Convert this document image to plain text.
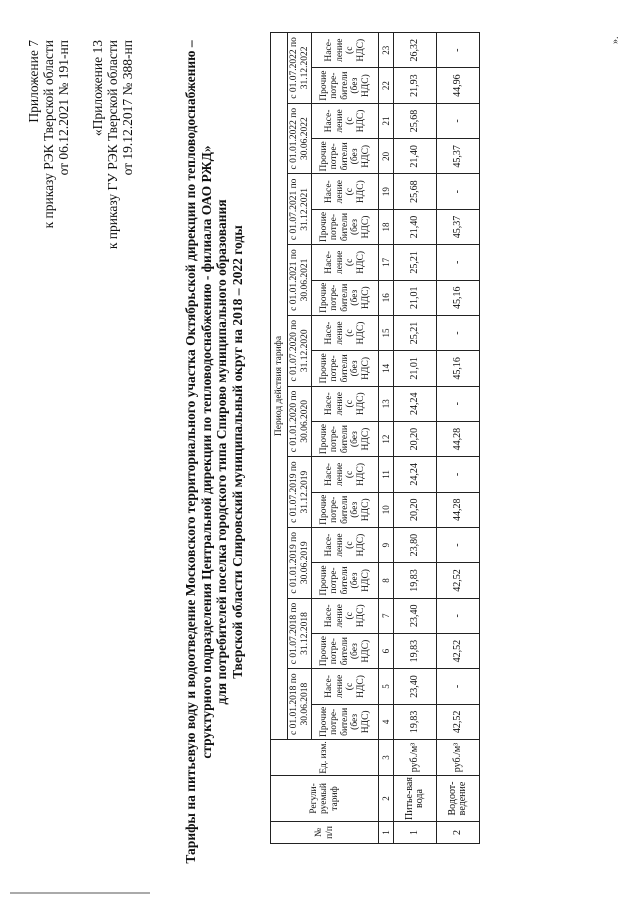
Приложение 7 к приказу РЭК Тверской области от 06.12.2021 № 191-нп «Приложение 13 к приказу ГУ РЭК Тверской области от 19.12.2017 № 388-нп	Тарифы на питьевую воду и водоотведение Московского территориального участка Октябрьской дирекции по тепловодоснабжению – структурного подразделения Центральной дирекции по тепловодоснабжению - филиала ОАО РЖД» для потребителей поселка городского типа Спирово муниципального образования Тверской области Спировский муниципальный округ на 2018 – 2022 годы
№ п/п	Регули-руемый тариф	Ед. изм.	Период действия тарифа																			
			с 01.01.2018 по 30.06.2018		с 01.07.2018 по 31.12.2018		с 01.01.2019 по 30.06.2019		с 01.07.2019 по 31.12.2019		с 01.01.2020 по 30.06.2020		с 01.07.2020 по 31.12.2020		с 01.01.2021 по 30.06.2021		с 01.07.2021 по 31.12.2021		с 01.01.2022 по 30.06.2022		с 01.07.2022 по 31.12.2022	
			Прочие потре-бители (без НДС)	Насе-ление (с НДС)	Прочие потре-бители (без НДС)	Насе-ление (с НДС)	Прочие потре-бители (без НДС)	Насе-ление (с НДС)	Прочие потре-бители (без НДС)	Насе-ление (с НДС)	Прочие потре-бители (без НДС)	Насе-ление (с НДС)	Прочие потре-бители (без НДС)	Насе-ление (с НДС)	Прочие потре-бители (без НДС)	Насе-ление (с НДС)	Прочие потре-бители (без НДС)	Насе-ление (с НДС)	Прочие потре-бители (без НДС)	Насе-ление (с НДС)	Прочие потре-бители (без НДС)	Насе-ление (с НДС)
1	2	3	4	5	6	7	8	9	10	11	12	13	14	15	16	17	18	19	20	21	22	23
1	Питье-вая вода	руб./м³	19,83	23,40	19,83	23,40	19,83	23,80	20,20	24,24	20,20	24,24	21,01	25,21	21,01	25,21	21,40	25,68	21,40	25,68	21,93	26,32
2	Водоот-ведение	руб./м³	42,52	-	42,52	-	42,52	-	44,28	-	44,28	-	45,16	-	45,16	-	45,37	-	45,37	-	44,96	-
».
